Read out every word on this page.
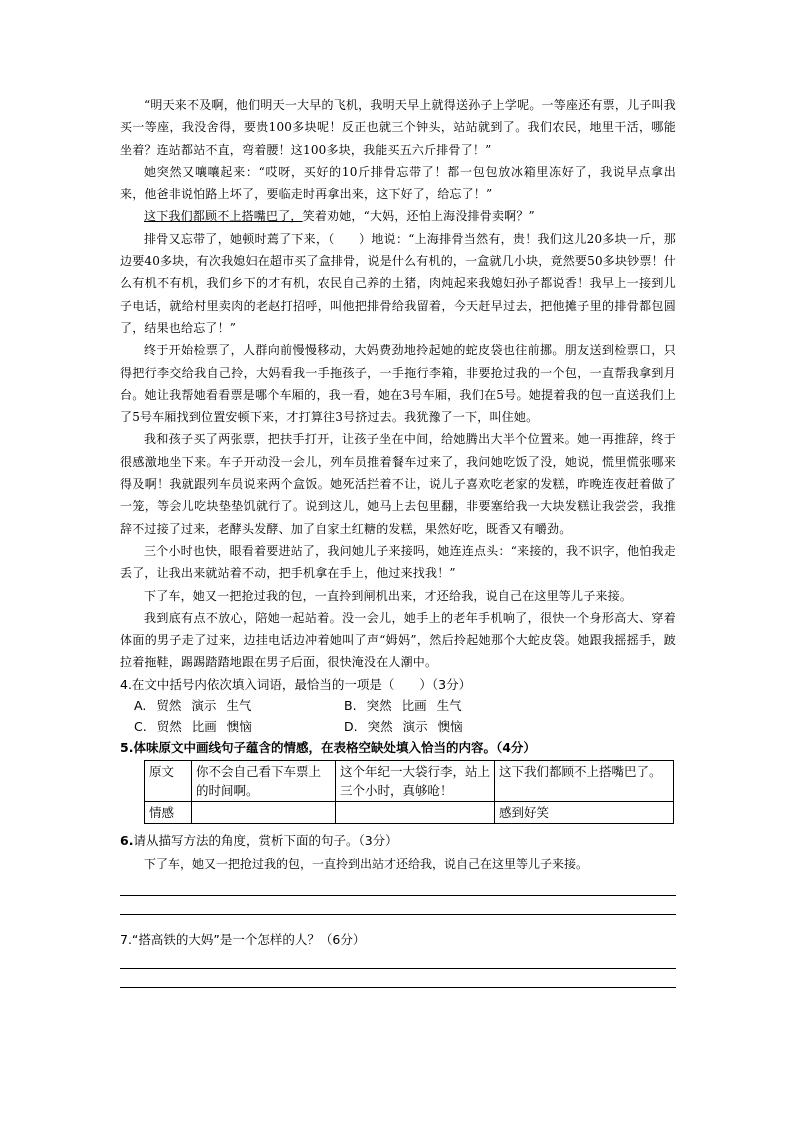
“明天来不及啊，他们明天一大早的飞机，我明天早上就得送孙子上学呢。一等座还有票，儿子叫我买一等座，我没舍得，要贵100多块呢！反正也就三个钟头，站站就到了。我们农民，地里干活，哪能坐着？连站都站不直，弯着腰！这100多块，我能买五六斤排骨了！”

她突然又嚷嚷起来：“哎呀，买好的10斤排骨忘带了！都一包包放冰箱里冻好了，我说早点拿出来，他爸非说怕路上坏了，要临走时再拿出来，这下好了，给忘了！”

这下我们都顾不上搭嘴巴了，笑着劝她，“大妈，还怕上海没排骨卖啊？”

排骨又忘带了，她顿时蔫了下来，（　　）地说：“上海排骨当然有，贵！我们这儿20多块一斤，那边要40多块，有次我媳妇在超市买了盒排骨，说是什么有机的，一盒就几小块，竟然要50多块钞票！什么有机不有机，我们乡下的才有机，农民自己养的土猪，肉炖起来我媳妇孙子都说香！我早上一接到儿子电话，就给村里卖肉的老赵打招呼，叫他把排骨给我留着，今天赶早过去，把他摊子里的排骨都包圆了，结果也给忘了！”

终于开始检票了，人群向前慢慢移动，大妈费劲地拎起她的蛇皮袋也往前挪。朋友送到检票口，只得把行李交给我自己拎，大妈看我一手拖孩子，一手拖行李箱，非要抢过我的一个包，一直帮我拿到月台。她让我帮她看看票是哪个车厢的，我一看，她在3号车厢，我们在5号。她提着我的包一直送我们上了5号车厢找到位置安顿下来，才打算往3号挤过去。我犹豫了一下，叫住她。

我和孩子买了两张票，把扶手打开，让孩子坐在中间，给她腾出大半个位置来。她一再推辞，终于很感激地坐下来。车子开动没一会儿，列车员推着餐车过来了，我问她吃饭了没，她说，慌里慌张哪来得及啊！我就跟列车员说来两个盒饭。她死活拦着不让，说儿子喜欢吃老家的发糕，昨晚连夜赶着做了一笼，等会儿吃块垫垫饥就行了。说到这儿，她马上去包里翻，非要塞给我一大块发糕让我尝尝，我推辞不过接了过来，老酵头发酵、加了自家土红糖的发糕，果然好吃，既香又有嚼劲。

三个小时也快，眼看着要进站了，我问她儿子来接吗，她连连点头：“来接的，我不识字，他怕我走丢了，让我出来就站着不动，把手机拿在手上，他过来找我！”

下了车，她又一把抢过我的包，一直拎到闸机出来，才还给我，说自己在这里等儿子来接。

我到底有点不放心，陪她一起站着。没一会儿，她手上的老年手机响了，很快一个身形高大、穿着体面的男子走了过来，边挂电话边冲着她叫了声“姆妈”，然后拎起她那个大蛇皮袋。她跟我摇摇手，跛拉着拖鞋，踢踢踏踏地跟在男子后面，很快淹没在人潮中。

4.在文中括号内依次填入词语，最恰当的一项是（　　）（3分）

A. 贸然 演示 生气	B. 突然 比画 生气
C. 贸然 比画 懊恼	D. 突然 演示 懊恼

5.体味原文中画线句子蕴含的情感，在表格空缺处填入恰当的内容。（4分）

原文	你不会自己看下车票上的时间啊。	这个年纪一大袋行李，站上三个小时，真够呛！	这下我们都顾不上搭嘴巴了。
情感			感到好笑

6.请从描写方法的角度，赏析下面的句子。（3分）

下了车，她又一把抢过我的包，一直拎到出站才还给我，说自己在这里等儿子来接。

7.“搭高铁的大妈”是一个怎样的人？（6分）
